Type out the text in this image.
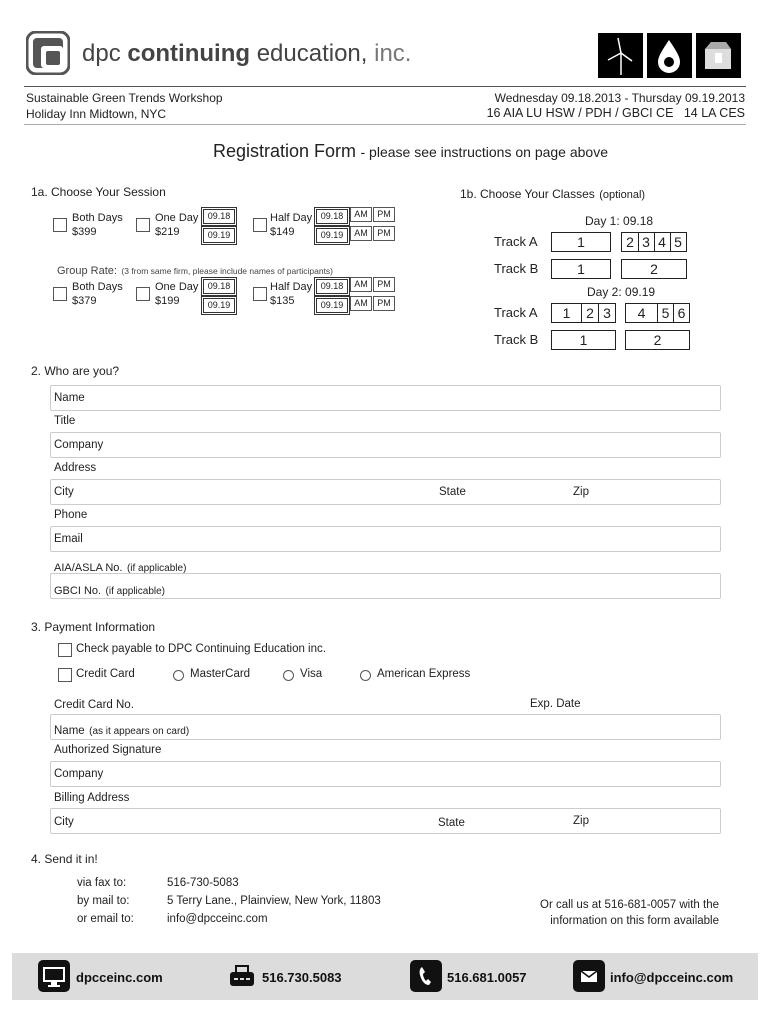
dpc continuing education, inc.
Sustainable Green Trends Workshop
Holiday Inn Midtown, NYC
Wednesday 09.18.2013 - Thursday 09.19.2013
16 AIA LU HSW / PDH / GBCI CE 14 LA CES
Registration Form - please see instructions on page above
1a. Choose Your Session
Both Days
$399
One Day
$219
09.18
09.19
Half Day
$149
09.18
09.19
AM	PM
AM	PM
Group Rate: (3 from same firm, please include names of participants)
Both Days
$379
One Day
$199
09.18
09.19
Half Day
$135
09.18
09.19
AM	PM
AM	PM
1b. Choose Your Classes (optional)
Day 1: 09.18
Track A	1	2 3 4 5
Track B	1	2
Day 2: 09.19
Track A	1 2 3	4 5 6
Track B	1	2
2. Who are you?
Name
Title
Company
Address
City	State	Zip
Phone
Email
AIA/ASLA No. (if applicable)
GBCI No. (if applicable)
3. Payment Information
Check payable to DPC Continuing Education inc.
Credit Card	MasterCard	Visa	American Express
Credit Card No.	Exp. Date
Name (as it appears on card)
Authorized Signature
Company
Billing Address
City	State	Zip
4. Send it in!
via fax to:	516-730-5083
by mail to:	5 Terry Lane., Plainview, New York, 11803
or email to:	info@dpcceinc.com
Or call us at 516-681-0057 with the
information on this form available
dpcceinc.com	516.730.5083	516.681.0057	info@dpcceinc.com
